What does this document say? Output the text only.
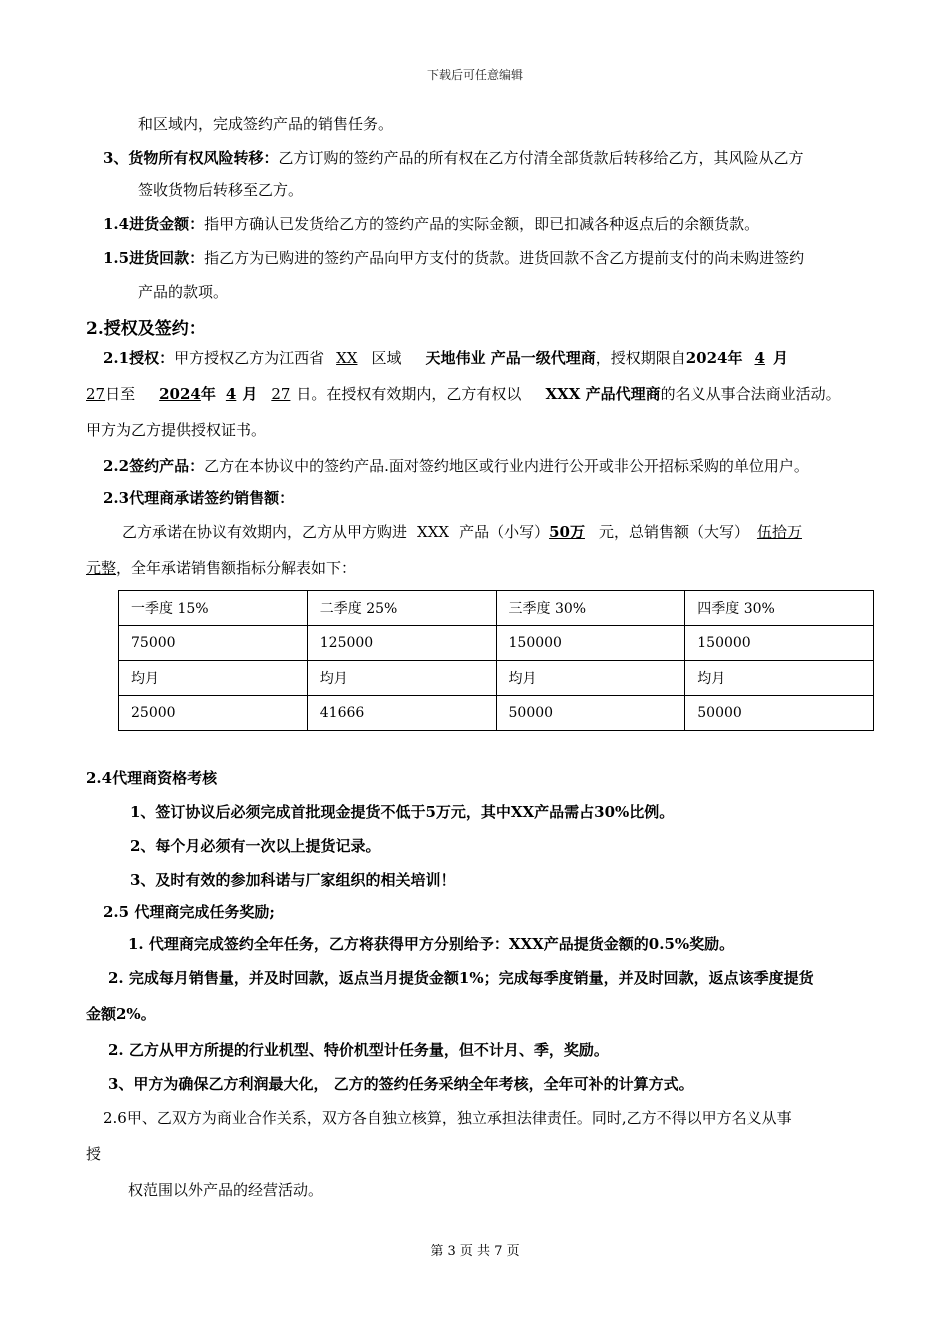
下载后可任意编辑
和区域内，完成签约产品的销售任务。
3、货物所有权风险转移：乙方订购的签约产品的所有权在乙方付清全部货款后转移给乙方，其风险从乙方
签收货物后转移至乙方。
1.4进货金额：指甲方确认已发货给乙方的签约产品的实际金额，即已扣减各种返点后的余额货款。
1.5进货回款：指乙方为已购进的签约产品向甲方支付的货款。进货回款不含乙方提前支付的尚未购进签约
产品的款项。
2.授权及签约：
2.1授权：甲方授权乙方为江西省 XX 区域 天地伟业 产品一级代理商，授权期限自2024年 4 月
27日至 2024年 4 月 27 日。在授权有效期内，乙方有权以 XXX 产品代理商的名义从事合法商业活动。
甲方为乙方提供授权证书。
2.2签约产品：乙方在本协议中的签约产品.面对签约地区或行业内进行公开或非公开招标采购的单位用户。
2.3代理商承诺签约销售额：
乙方承诺在协议有效期内，乙方从甲方购进 XXX 产品（小写）50万 元，总销售额（大写） 伍拾万
元整，全年承诺销售额指标分解表如下：
一季度 15%	二季度 25%	三季度 30%	四季度 30%
75000	125000	150000	150000
均月	均月	均月	均月
25000	41666	50000	50000
2.4代理商资格考核
1、签订协议后必须完成首批现金提货不低于5万元，其中XX产品需占30%比例。
2、每个月必须有一次以上提货记录。
3、及时有效的参加科诺与厂家组织的相关培训！
2.5 代理商完成任务奖励;
1. 代理商完成签约全年任务，乙方将获得甲方分别给予：XXX产品提货金额的0.5%奖励。
2. 完成每月销售量，并及时回款，返点当月提货金额1%；完成每季度销量，并及时回款，返点该季度提货
金额2%。
2. 乙方从甲方所提的行业机型、特价机型计任务量，但不计月、季，奖励。
3、甲方为确保乙方利润最大化， 乙方的签约任务采纳全年考核，全年可补的计算方式。
2.6甲、乙双方为商业合作关系，双方各自独立核算，独立承担法律责任。同时,乙方不得以甲方名义从事
授
权范围以外产品的经营活动。
第 3 页 共 7 页
